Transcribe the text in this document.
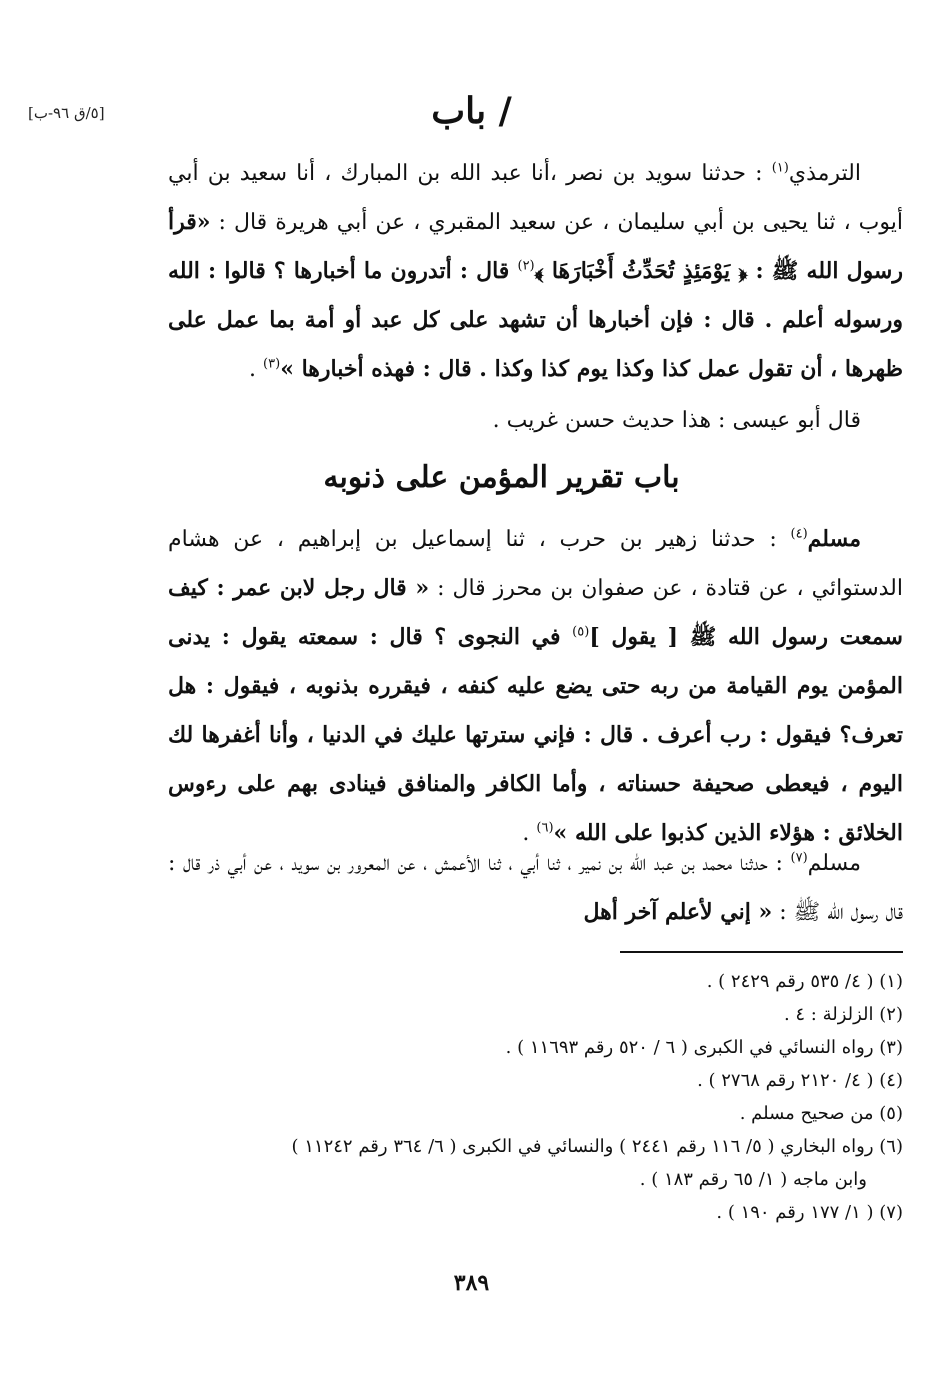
[٥/ق ٩٦-ب]	/ باب
الترمذي$^{(١)}$ : حدثنا سويد بن نصر ،أنا عبد الله بن المبارك ، أنا سعيد بن أبي أيوب ، ثنا يحيى بن أبي سليمان ، عن سعيد المقبري ، عن أبي هريرة قال : «قرأ رسول الله ﷺ : ﴿ يَوْمَئِذٍ تُحَدِّثُ أَخْبَارَهَا ﴾$^{(٢)}$ قال : أتدرون ما أخبارها ؟ قالوا : الله ورسوله أعلم . قال : فإن أخبارها أن تشهد على كل عبد أو أمة بما عمل على ظهرها ، أن تقول عمل كذا وكذا يوم كذا وكذا . قال : فهذه أخبارها »$^{(٣)}$ .
قال أبو عيسى : هذا حديث حسن غريب .
باب تقرير المؤمن على ذنوبه
مسلم$^{(٤)}$ : حدثنا زهير بن حرب ، ثنا إسماعيل بن إبراهيم ، عن هشام الدستوائي ، عن قتادة ، عن صفوان بن محرز قال : « قال رجل لابن عمر : كيف سمعت رسول الله ﷺ [ يقول ]$^{(٥)}$ في النجوى ؟ قال : سمعته يقول : يدنى المؤمن يوم القيامة من ربه حتى يضع عليه كنفه ، فيقرره بذنوبه ، فيقول : هل تعرف؟ فيقول : رب أعرف . قال : فإني سترتها عليك في الدنيا ، وأنا أغفرها لك اليوم ، فيعطى صحيفة حسناته ، وأما الكافر والمنافق فينادى بهم على رءوس الخلائق : هؤلاء الذين كذبوا على الله »$^{(٦)}$ .
مسلم$^{(٧)}$ : حدثنا محمد بن عبد الله بن نمير ، ثنا أبي ، ثنا الأعمش ، عن المعرور بن سويد ، عن أبي ذر قال : قال رسول الله ﷺ : « إني لأعلم آخر أهل
(١) ( ٤/ ٥٣٥ رقم ٢٤٢٩ ) .
(٢) الزلزلة : ٤ .
(٣) رواه النسائي في الكبرى ( ٦ / ٥٢٠ رقم ١١٦٩٣ ) .
(٤) ( ٤/ ٢١٢٠ رقم ٢٧٦٨ ) .
(٥) من صحيح مسلم .
(٦) رواه البخاري ( ٥/ ١١٦ رقم ٢٤٤١ ) والنسائي في الكبرى ( ٦/ ٣٦٤ رقم ١١٢٤٢ )
وابن ماجه ( ١/ ٦٥ رقم ١٨٣ ) .
(٧) ( ١/ ١٧٧ رقم ١٩٠ ) .
٣٨٩
